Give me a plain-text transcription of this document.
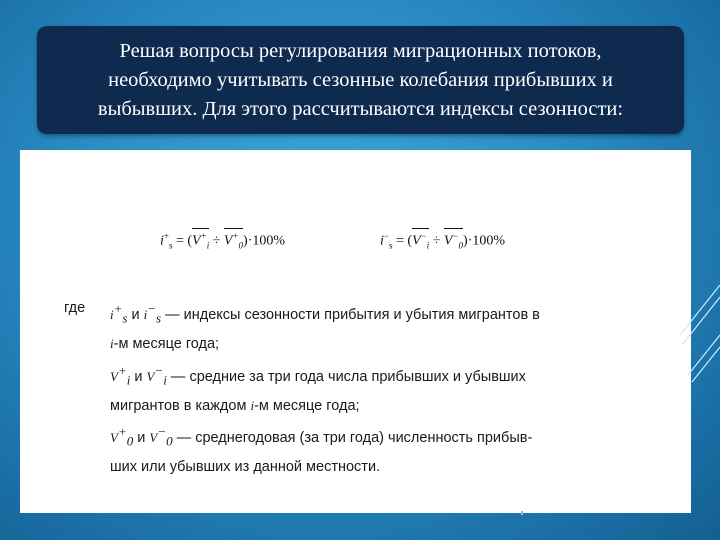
Решая вопросы регулирования миграционных потоков,
необходимо учитывать сезонные колебания прибывших и
выбывших. Для этого рассчитываются индексы сезонности:
$i^+_s = (V^+_i \div V^+_0)\cdot 100\%$	$i^-_s = (V^-_i \div V^-_0)\cdot 100\%$
где $i^+_s$ и $i^-_s$ — индексы сезонности прибытия и убытия мигрантов в
i-м месяце года;
$V^+_i$ и $V^-_i$ — средние за три года числа прибывших и убывших
мигрантов в каждом i-м месяце года;
$V^+_0$ и $V^-_0$ — среднегодовая (за три года) численность прибыв-
ших или убывших из данной местности.
